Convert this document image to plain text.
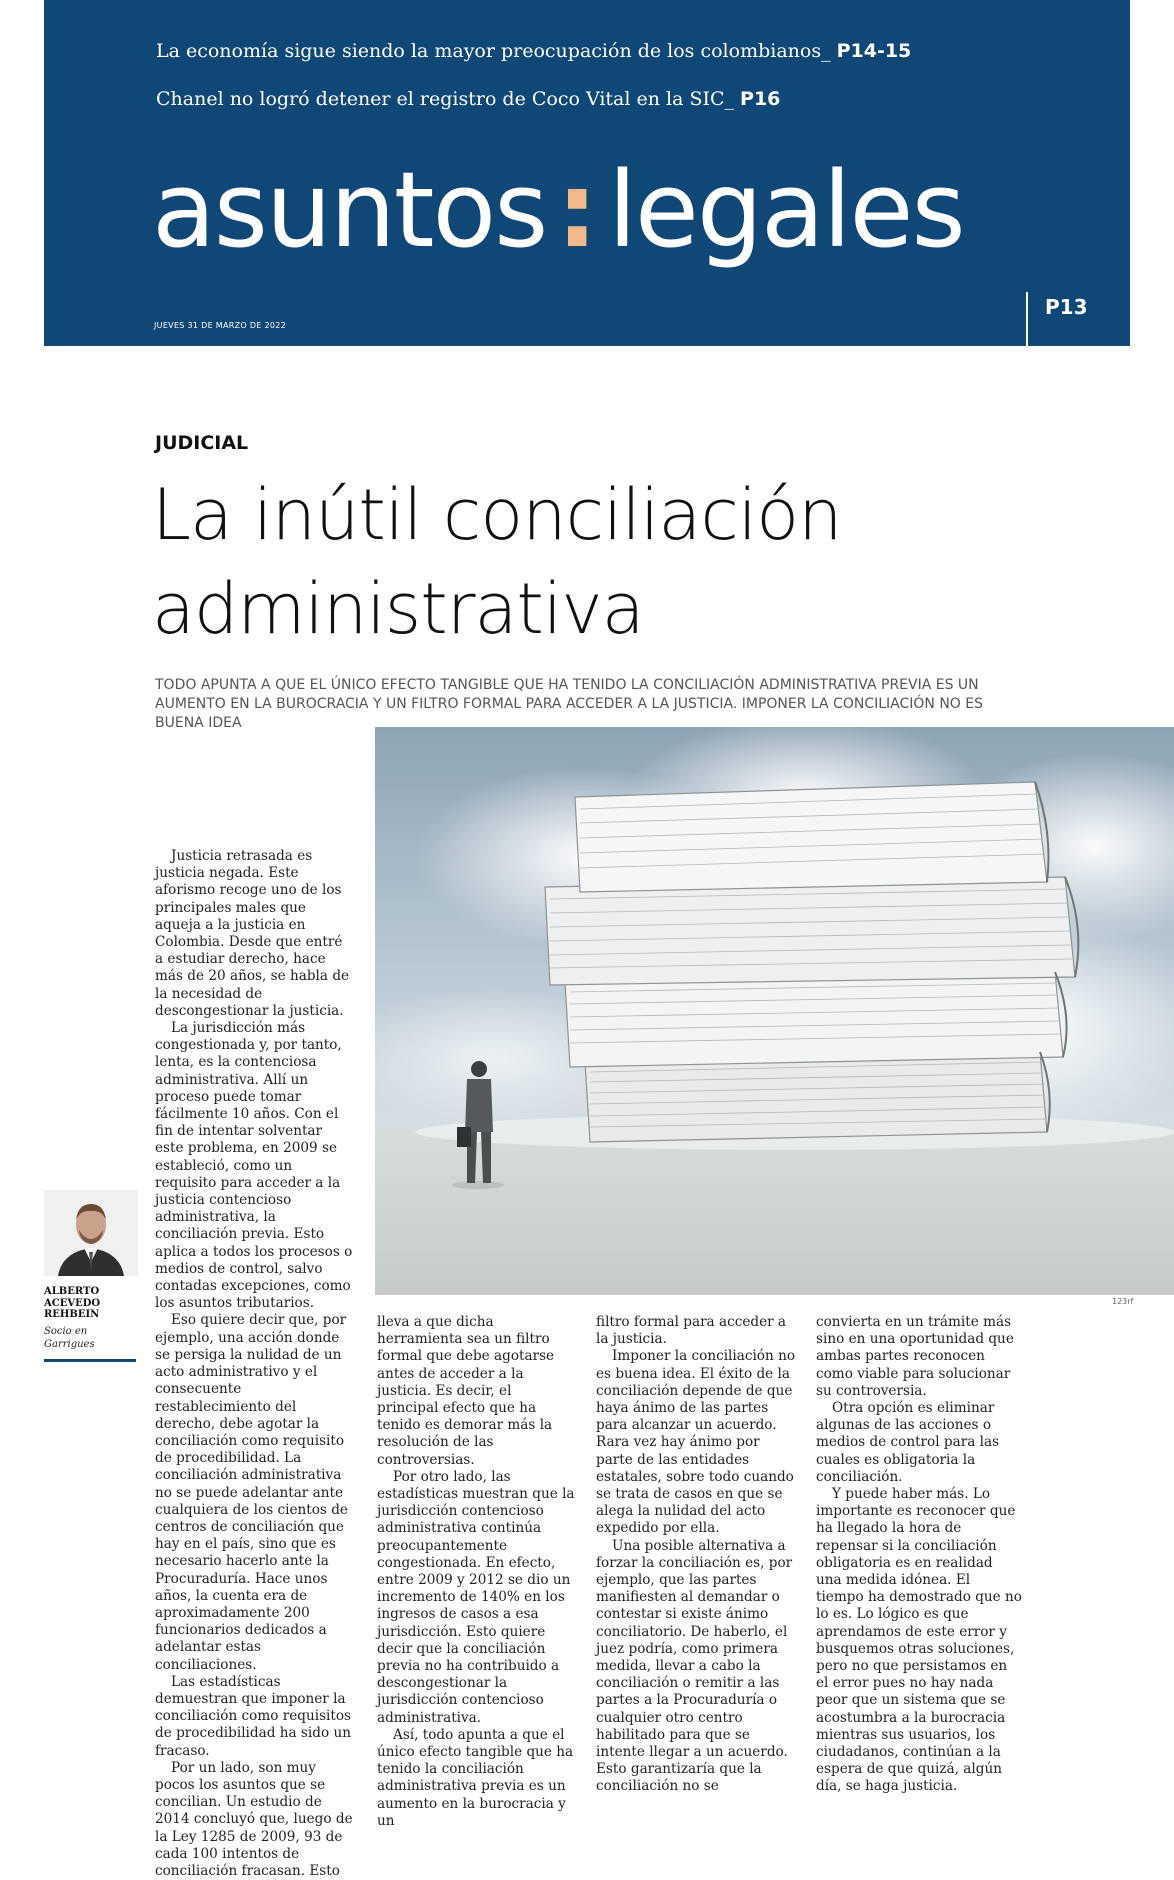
La economía sigue siendo la mayor preocupación de los colombianos_ P14-15
Chanel no logró detener el registro de Coco Vital en la SIC_ P16
asuntos: legales
JUEVES 31 DE MARZO DE 2022
P13
JUDICIAL
La inútil conciliación
administrativa
TODO APUNTA A QUE EL ÚNICO EFECTO TANGIBLE QUE HA TENIDO LA CONCILIACIÓN ADMINISTRATIVA PREVIA ES UN AUMENTO EN LA BUROCRACIA Y UN FILTRO FORMAL PARA ACCEDER A LA JUSTICIA. IMPONER LA CONCILIACIÓN NO ES BUENA IDEA
123rf
ALBERTO
ACEVEDO
REHBEIN
Socio en
Garrigues

Justicia retrasada es justicia negada. Este aforismo recoge uno de los principales males que aqueja a la justicia en Colombia. Desde que entré a estudiar derecho, hace más de 20 años, se habla de la necesidad de descongestionar la justicia.

La jurisdicción más congestionada y, por tanto, lenta, es la contenciosa administrativa. Allí un proceso puede tomar fácilmente 10 años. Con el fin de intentar solventar este problema, en 2009 se estableció, como un requisito para acceder a la justicia contencioso administrativa, la conciliación previa. Esto aplica a todos los procesos o medios de control, salvo contadas excepciones, como los asuntos tributarios.

Eso quiere decir que, por ejemplo, una acción donde se persiga la nulidad de un acto administrativo y el consecuente restablecimiento del derecho, debe agotar la conciliación como requisito de procedibilidad. La conciliación administrativa no se puede adelantar ante cualquiera de los cientos de centros de conciliación que hay en el país, sino que es necesario hacerlo ante la Procuraduría. Hace unos años, la cuenta era de aproximadamente 200 funcionarios dedicados a adelantar estas conciliaciones.

Las estadísticas demuestran que imponer la conciliación como requisitos de procedibilidad ha sido un fracaso.

Por un lado, son muy pocos los asuntos que se concilian. Un estudio de 2014 concluyó que, luego de la Ley 1285 de 2009, 93 de cada 100 intentos de conciliación fracasan. Esto

lleva a que dicha herramienta sea un filtro formal que debe agotarse antes de acceder a la justicia. Es decir, el principal efecto que ha tenido es demorar más la resolución de las controversias.

Por otro lado, las estadísticas muestran que la jurisdicción contencioso administrativa continúa preocupantemente congestionada. En efecto, entre 2009 y 2012 se dio un incremento de 140% en los ingresos de casos a esa jurisdicción. Esto quiere decir que la conciliación previa no ha contribuido a descongestionar la jurisdicción contencioso administrativa.

Así, todo apunta a que el único efecto tangible que ha tenido la conciliación administrativa previa es un aumento en la burocracia y un

filtro formal para acceder a la justicia.

Imponer la conciliación no es buena idea. El éxito de la conciliación depende de que haya ánimo de las partes para alcanzar un acuerdo. Rara vez hay ánimo por parte de las entidades estatales, sobre todo cuando se trata de casos en que se alega la nulidad del acto expedido por ella.

Una posible alternativa a forzar la conciliación es, por ejemplo, que las partes manifiesten al demandar o contestar si existe ánimo conciliatorio. De haberlo, el juez podría, como primera medida, llevar a cabo la conciliación o remitir a las partes a la Procuraduría o cualquier otro centro habilitado para que se intente llegar a un acuerdo. Esto garantizaría que la conciliación no se

convierta en un trámite más sino en una oportunidad que ambas partes reconocen como viable para solucionar su controversia.

Otra opción es eliminar algunas de las acciones o medios de control para las cuales es obligatoria la conciliación.

Y puede haber más. Lo importante es reconocer que ha llegado la hora de repensar si la conciliación obligatoria es en realidad una medida idónea. El tiempo ha demostrado que no lo es. Lo lógico es que aprendamos de este error y busquemos otras soluciones, pero no que persistamos en el error pues no hay nada peor que un sistema que se acostumbra a la burocracia mientras sus usuarios, los ciudadanos, continúan a la espera de que quizá, algún día, se haga justicia.
